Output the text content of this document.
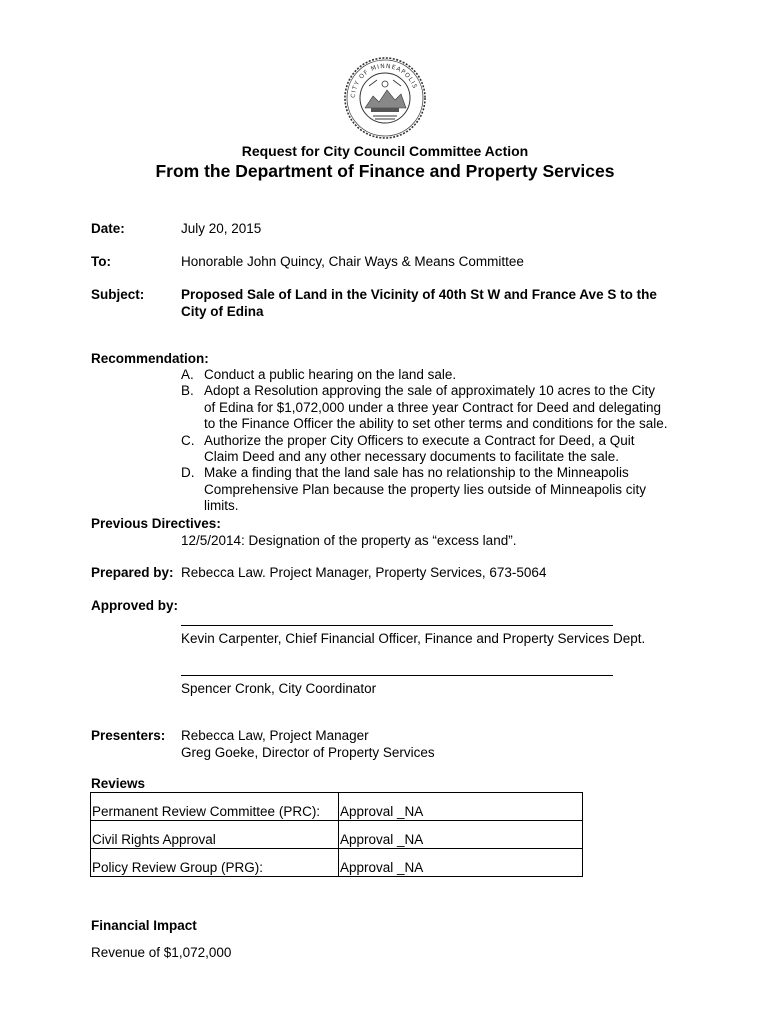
CITY OF MINNEAPOLIS
Request for City Council Committee Action
From the Department of Finance and Property Services
Date:	July 20, 2015
To:	Honorable John Quincy, Chair Ways & Means Committee
Subject:	Proposed Sale of Land in the Vicinity of 40th St W and France Ave S to the
City of Edina
Recommendation:
A. Conduct a public hearing on the land sale.
B. Adopt a Resolution approving the sale of approximately 10 acres to the City
of Edina for $1,072,000 under a three year Contract for Deed and delegating
to the Finance Officer the ability to set other terms and conditions for the sale.
C. Authorize the proper City Officers to execute a Contract for Deed, a Quit
Claim Deed and any other necessary documents to facilitate the sale.
D. Make a finding that the land sale has no relationship to the Minneapolis
Comprehensive Plan because the property lies outside of Minneapolis city
limits.
Previous Directives:
12/5/2014: Designation of the property as “excess land”.
Prepared by: Rebecca Law. Project Manager, Property Services, 673-5064
Approved by:
Kevin Carpenter, Chief Financial Officer, Finance and Property Services Dept.
Spencer Cronk, City Coordinator
Presenters: Rebecca Law, Project Manager
Greg Goeke, Director of Property Services
Reviews
Permanent Review Committee (PRC):	Approval _NA
Civil Rights Approval	Approval _NA
Policy Review Group (PRG):	Approval _NA
Financial Impact
Revenue of $1,072,000
